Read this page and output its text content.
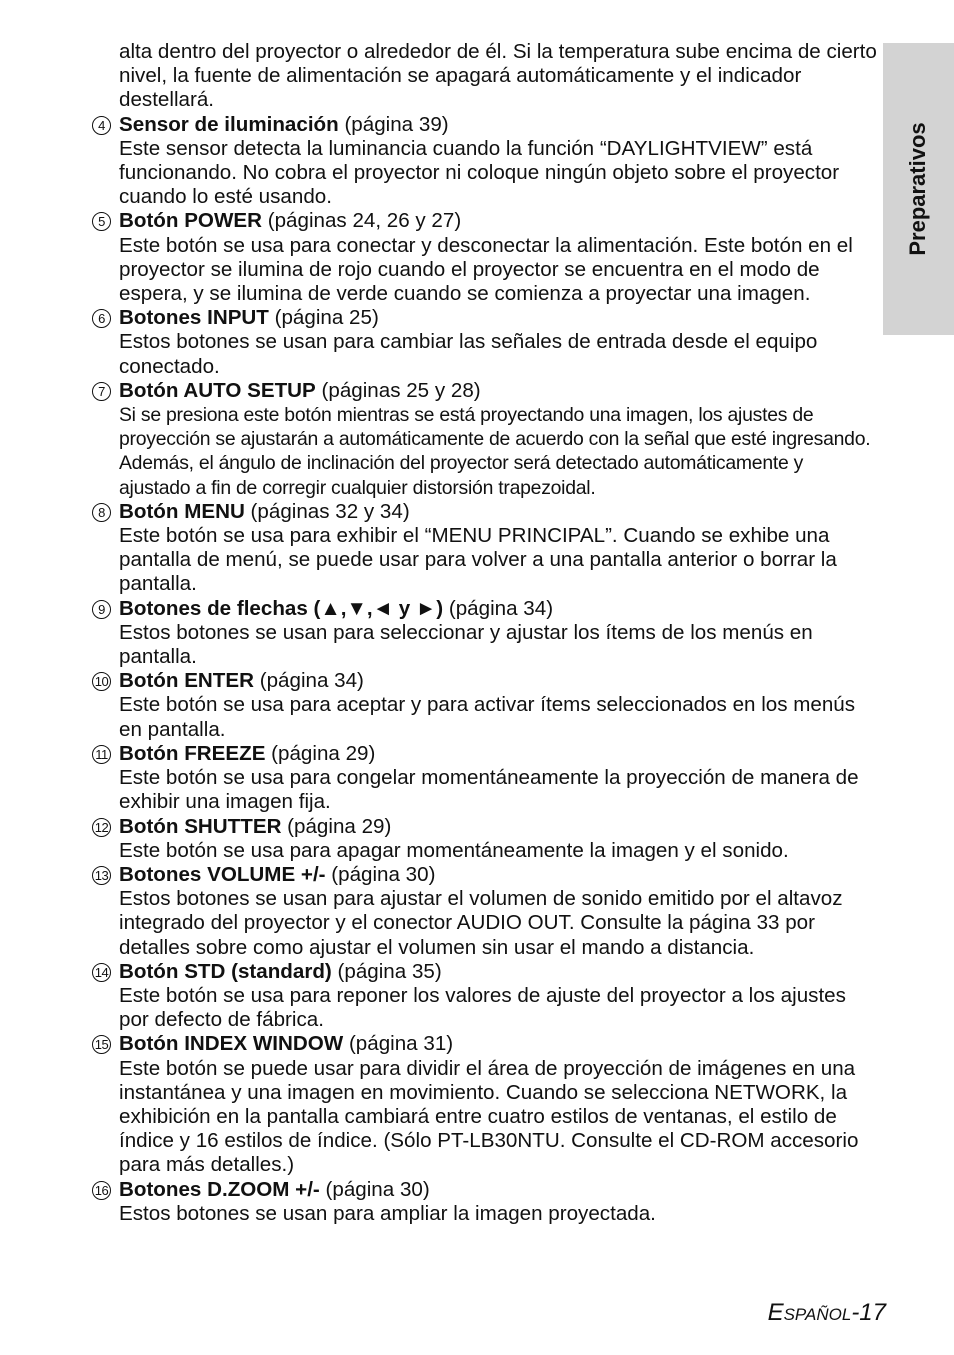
Preparativos
alta dentro del proyector o alrededor de él. Si la temperatura sube encima de cierto nivel, la fuente de alimentación se apagará automáticamente y el indicador destellará.
4 Sensor de iluminación (página 39)
Este sensor detecta la luminancia cuando la función “DAYLIGHTVIEW” está funcionando. No cobra el proyector ni coloque ningún objeto sobre el proyector cuando lo esté usando.
5 Botón POWER (páginas 24, 26 y 27)
Este botón se usa para conectar y desconectar la alimentación. Este botón en el proyector se ilumina de rojo cuando el proyector se encuentra en el modo de espera, y se ilumina de verde cuando se comienza a proyectar una imagen.
6 Botones INPUT (página 25)
Estos botones se usan para cambiar las señales de entrada desde el equipo conectado.
7 Botón AUTO SETUP (páginas 25 y 28)
Si se presiona este botón mientras se está proyectando una imagen, los ajustes de proyección se ajustarán a automáticamente de acuerdo con la señal que esté ingresando. Además, el ángulo de inclinación del proyector será detectado automáticamente y ajustado a fin de corregir cualquier distorsión trapezoidal.
8 Botón MENU (páginas 32 y 34)
Este botón se usa para exhibir el “MENU PRINCIPAL”. Cuando se exhibe una pantalla de menú, se puede usar para volver a una pantalla anterior o borrar la pantalla.
9 Botones de flechas (▲,▼,◄ y ►) (página 34)
Estos botones se usan para seleccionar y ajustar los ítems de los menús en pantalla.
10 Botón ENTER (página 34)
Este botón se usa para aceptar y para activar ítems seleccionados en los menús en pantalla.
11 Botón FREEZE (página 29)
Este botón se usa para congelar momentáneamente la proyección de manera de exhibir una imagen fija.
12 Botón SHUTTER (página 29)
Este botón se usa para apagar momentáneamente la imagen y el sonido.
13 Botones VOLUME +/- (página 30)
Estos botones se usan para ajustar el volumen de sonido emitido por el altavoz integrado del proyector y el conector AUDIO OUT. Consulte la página 33 por detalles sobre como ajustar el volumen sin usar el mando a distancia.
14 Botón STD (standard) (página 35)
Este botón se usa para reponer los valores de ajuste del proyector a los ajustes por defecto de fábrica.
15 Botón INDEX WINDOW (página 31)
Este botón se puede usar para dividir el área de proyección de imágenes en una instantánea y una imagen en movimiento. Cuando se selecciona NETWORK, la exhibición en la pantalla cambiará entre cuatro estilos de ventanas, el estilo de índice y 16 estilos de índice. (Sólo PT-LB30NTU. Consulte el CD-ROM accesorio para más detalles.)
16 Botones D.ZOOM +/- (página 30)
Estos botones se usan para ampliar la imagen proyectada.
ESPAÑOL-17
